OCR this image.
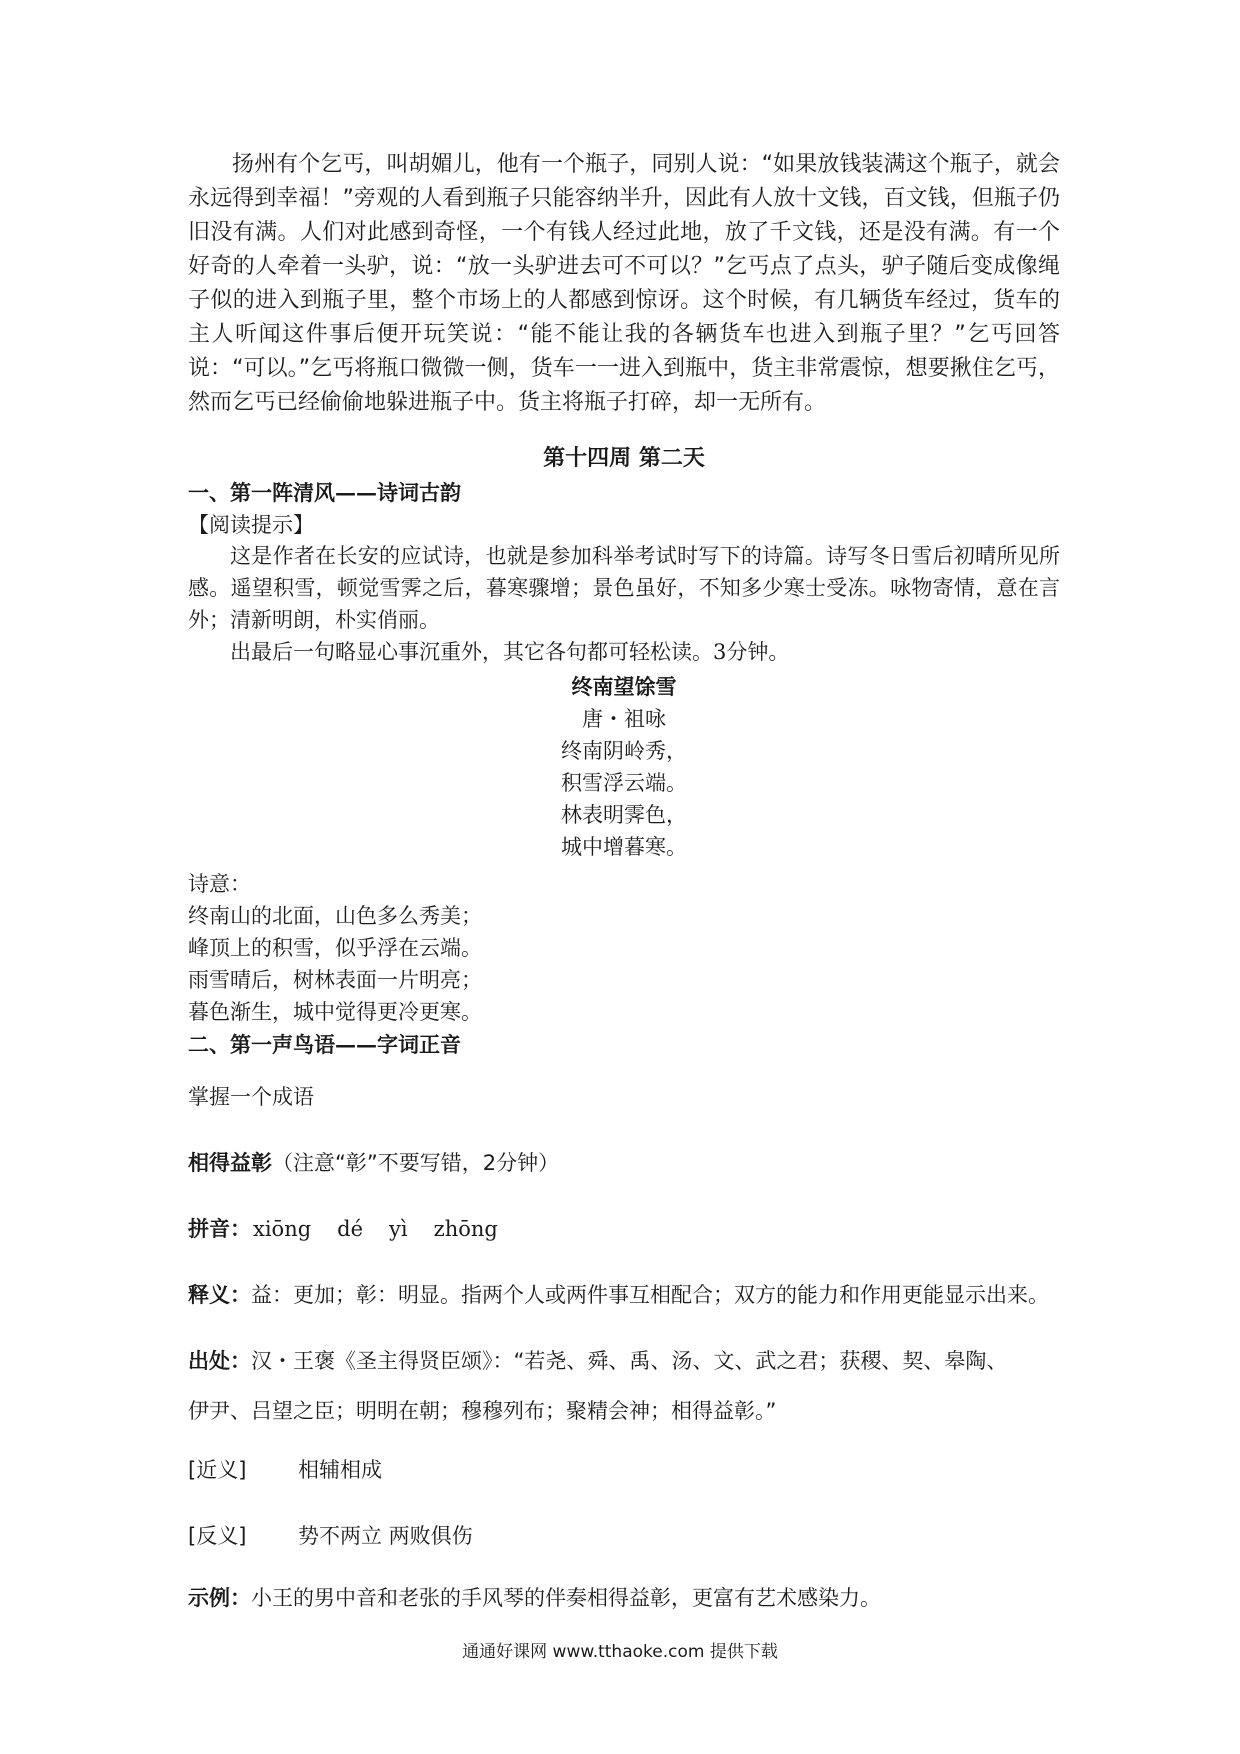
扬州有个乞丐，叫胡媚儿，他有一个瓶子，同别人说：“如果放钱装满这个瓶子，就会永远得到幸福！”旁观的人看到瓶子只能容纳半升，因此有人放十文钱，百文钱，但瓶子仍旧没有满。人们对此感到奇怪，一个有钱人经过此地，放了千文钱，还是没有满。有一个好奇的人牵着一头驴，说：“放一头驴进去可不可以？”乞丐点了点头，驴子随后变成像绳子似的进入到瓶子里，整个市场上的人都感到惊讶。这个时候，有几辆货车经过，货车的主人听闻这件事后便开玩笑说：“能不能让我的各辆货车也进入到瓶子里？”乞丐回答说：“可以。”乞丐将瓶口微微一侧，货车一一进入到瓶中，货主非常震惊，想要揪住乞丐，然而乞丐已经偷偷地躲进瓶子中。货主将瓶子打碎，却一无所有。

第十四周 第二天
一、第一阵清风——诗词古韵
【阅读提示】

这是作者在长安的应试诗，也就是参加科举考试时写下的诗篇。诗写冬日雪后初晴所见所感。遥望积雪，顿觉雪霁之后，暮寒骤增；景色虽好，不知多少寒士受冻。咏物寄情，意在言外；清新明朗，朴实俏丽。

出最后一句略显心事沉重外，其它各句都可轻松读。3分钟。

终南望馀雪
唐・祖咏
终南阴岭秀，
积雪浮云端。
林表明霁色，
城中增暮寒。
诗意：
终南山的北面，山色多么秀美；
峰顶上的积雪，似乎浮在云端。
雨雪晴后，树林表面一片明亮；
暮色渐生，城中觉得更冷更寒。
二、第一声鸟语——字词正音
掌握一个成语
相得益彰（注意“彰”不要写错，2分钟）
拼音：xiōng dé yì zhōng
释义：益：更加；彰：明显。指两个人或两件事互相配合；双方的能力和作用更能显示出来。
出处：汉・王褒《圣主得贤臣颂》：“若尧、舜、禹、汤、文、武之君；获稷、契、皋陶、
伊尹、吕望之臣；明明在朝；穆穆列布；聚精会神；相得益彰。”
[近义] 相辅相成
[反义] 势不两立 两败俱伤
示例：小王的男中音和老张的手风琴的伴奏相得益彰，更富有艺术感染力。
通通好课网 www.tthaoke.com 提供下载
